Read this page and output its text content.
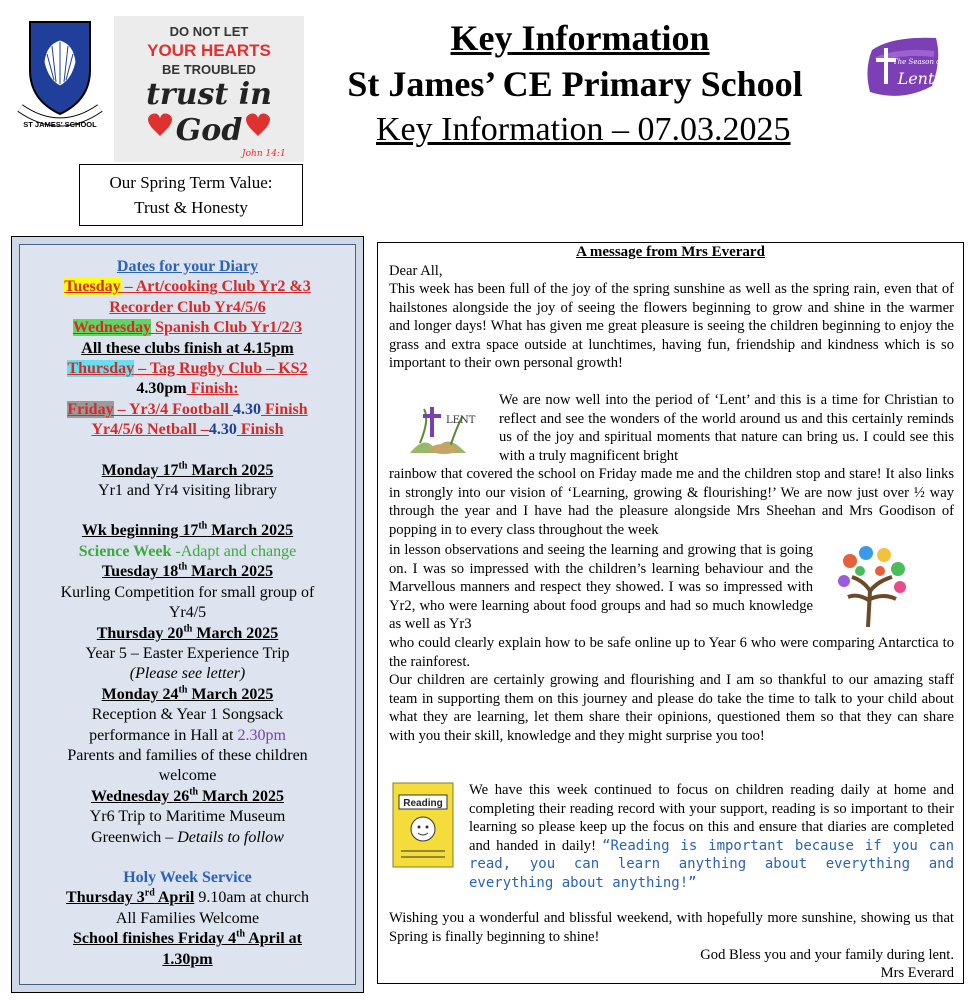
ST JAMES' SCHOOL
DO NOT LET
YOUR HEARTS
BE TROUBLED
trust in
God
John 14:1
Key Information
St James’ CE Primary School
Key Information – 07.03.2025
The Season of
Lent
Our Spring Term Value:
Trust & Honesty
Dates for your Diary
Tuesday – Art/cooking Club Yr2 &3
Recorder Club Yr4/5/6
Wednesday Spanish Club Yr1/2/3
All these clubs finish at 4.15pm
Thursday – Tag Rugby Club – KS2
4.30pm Finish:
Friday – Yr3/4 Football 4.30 Finish
Yr4/5/6 Netball –4.30 Finish
Monday 17th March 2025
Yr1 and Yr4 visiting library
Wk beginning 17th March 2025
Science Week -Adapt and change
Tuesday 18th March 2025
Kurling Competition for small group of
Yr4/5
Thursday 20th March 2025
Year 5 – Easter Experience Trip
(Please see letter)
Monday 24th March 2025
Reception & Year 1 Songsack
performance in Hall at 2.30pm
Parents and families of these children
welcome
Wednesday 26th March 2025
Yr6 Trip to Maritime Museum
Greenwich – Details to follow
Holy Week Service
Thursday 3rd April 9.10am at church
All Families Welcome
School finishes Friday 4th April at
1.30pm
A message from Mrs Everard
Dear All,
This week has been full of the joy of the spring sunshine as well as the spring rain, even that of hailstones alongside the joy of seeing the flowers beginning to grow and shine in the warmer and longer days! What has given me great pleasure is seeing the children beginning to enjoy the grass and extra space outside at lunchtimes, having fun, friendship and kindness which is so important to their own personal growth!
LENT
We are now well into the period of ‘Lent’ and this is a time for Christian to reflect and see the wonders of the world around us and this certainly reminds us of the joy and spiritual moments that nature can bring us. I could see this with a truly magnificent bright
rainbow that covered the school on Friday made me and the children stop and stare! It also links in strongly into our vision of ‘Learning, growing & flourishing!’ We are now just over ½ way through the year and I have had the pleasure alongside Mrs Sheehan and Mrs Goodison of popping in to every class throughout the week
in lesson observations and seeing the learning and growing that is going on. I was so impressed with the children’s learning behaviour and the Marvellous manners and respect they showed. I was so impressed with Yr2, who were learning about food groups and had so much knowledge as well as Yr3
who could clearly explain how to be safe online up to Year 6 who were comparing Antarctica to the rainforest.
Our children are certainly growing and flourishing and I am so thankful to our amazing staff team in supporting them on this journey and please do take the time to talk to your child about what they are learning, let them share their opinions, questioned them so that they can share with you their skill, knowledge and they might surprise you too!
Reading
We have this week continued to focus on children reading daily at home and completing their reading record with your support, reading is so important to their learning so please keep up the focus on this and ensure that diaries are completed and handed in daily! “Reading is important because if you can read, you can learn anything about everything and everything about anything!”
Wishing you a wonderful and blissful weekend, with hopefully more sunshine, showing us that Spring is finally beginning to shine!
God Bless you and your family during lent.
Mrs Everard
